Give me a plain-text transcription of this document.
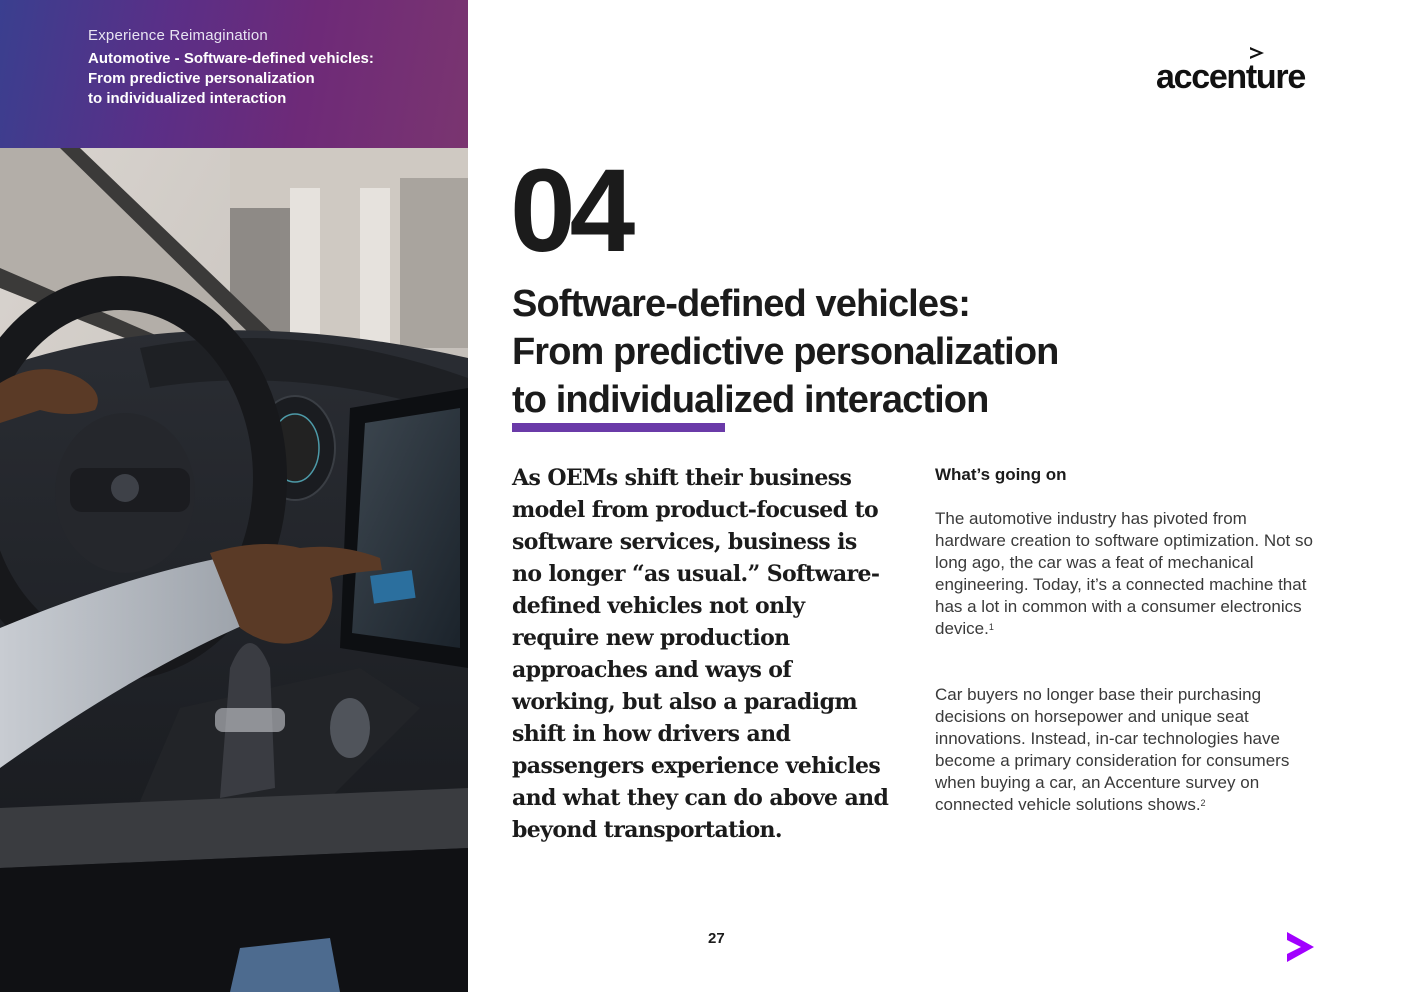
Experience Reimagination
Automotive - Software-defined vehicles:
From predictive personalization
to individualized interaction
accenture
04
Software-defined vehicles:
From predictive personalization
to individualized interaction
As OEMs shift their business model from product-focused to software services, business is no longer “as usual.” Software-defined vehicles not only require new production approaches and ways of working, but also a paradigm shift in how drivers and passengers experience vehicles and what they can do above and beyond transportation.
What’s going on
The automotive industry has pivoted from hardware creation to software optimization. Not so long ago, the car was a feat of mechanical engineering. Today, it’s a connected machine that has a lot in common with a consumer electronics device.$^1$
Car buyers no longer base their purchasing decisions on horsepower and unique seat innovations. Instead, in-car technologies have become a primary consideration for consumers when buying a car, an Accenture survey on connected vehicle solutions shows.$^2$
27
